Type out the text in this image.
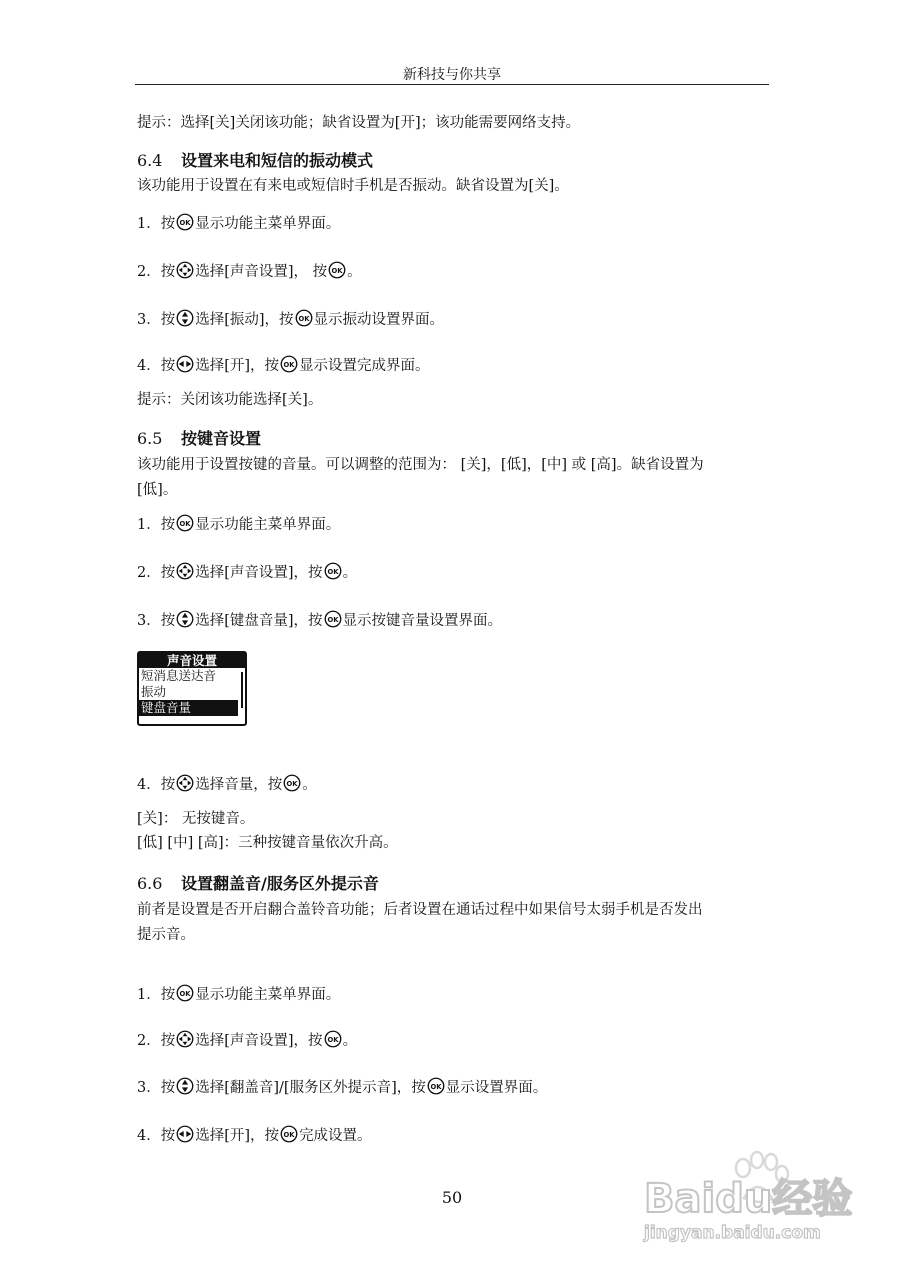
新科技与你共享
提示：选择[关]关闭该功能；缺省设置为[开]；该功能需要网络支持。
6.4 设置来电和短信的振动模式
该功能用于设置在有来电或短信时手机是否振动。缺省设置为[关]。
1．按 显示功能主菜单界面。
2．按 选择[声音设置]， 按 。
3．按 选择[振动]，按 显示振动设置界面。
4．按 选择[开]，按 显示设置完成界面。
提示：关闭该功能选择[关]。
6.5 按键音设置
该功能用于设置按键的音量。可以调整的范围为： [关]，[低]，[中] 或 [高]。缺省设置为
[低]。
1．按 显示功能主菜单界面。
2．按 选择[声音设置]，按 。
3．按 选择[键盘音量]，按 显示按键音量设置界面。
声音设置
短消息送达音
振动
键盘音量
4．按 选择音量，按 。
[关]： 无按键音。
[低] [中] [高]：三种按键音量依次升高。
6.6 设置翻盖音/服务区外提示音
前者是设置是否开启翻合盖铃音功能；后者设置在通话过程中如果信号太弱手机是否发出
提示音。
1．按 显示功能主菜单界面。
2．按 选择[声音设置]，按 。
3．按 选择[翻盖音]/[服务区外提示音]，按 显示设置界面。
4．按 选择[开]，按 完成设置。
50	Baidu经验
jingyan.baidu.com
